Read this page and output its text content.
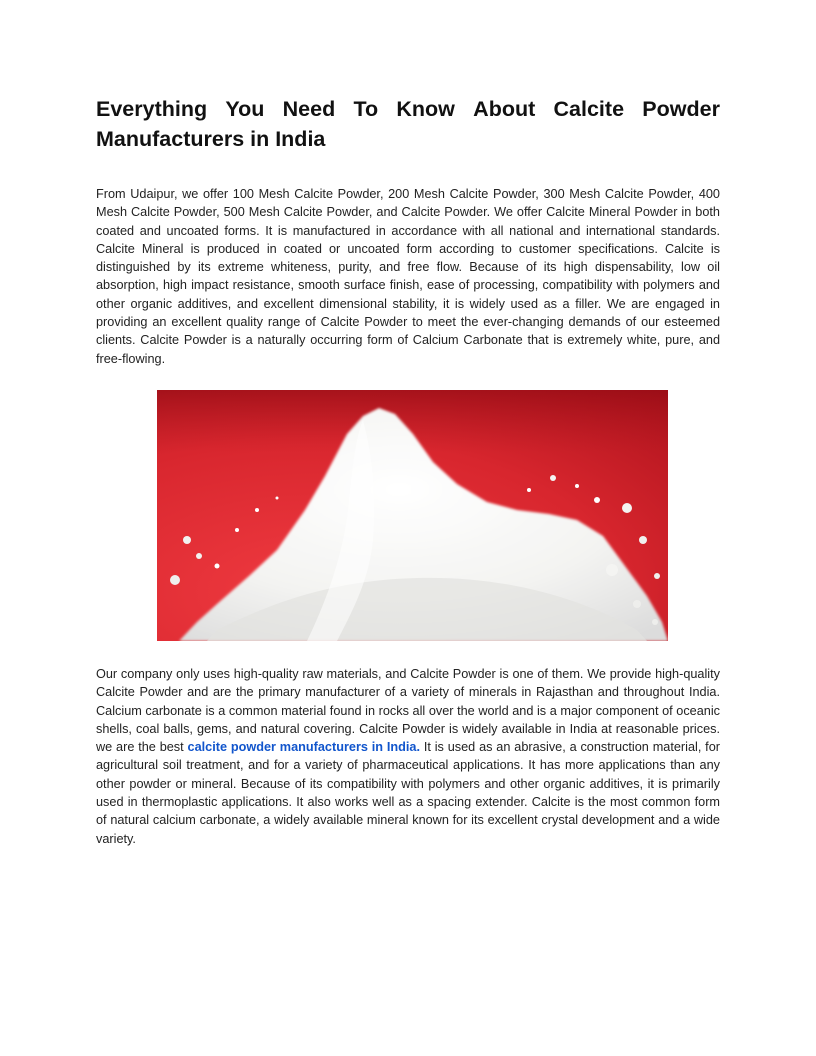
Everything You Need To Know About Calcite Powder
Manufacturers in India

From Udaipur, we offer 100 Mesh Calcite Powder, 200 Mesh Calcite Powder, 300 Mesh Calcite Powder, 400 Mesh Calcite Powder, 500 Mesh Calcite Powder, and Calcite Powder. We offer Calcite Mineral Powder in both coated and uncoated forms. It is manufactured in accordance with all national and international standards. Calcite Mineral is produced in coated or uncoated form according to customer specifications. Calcite is distinguished by its extreme whiteness, purity, and free flow. Because of its high dispensability, low oil absorption, high impact resistance, smooth surface finish, ease of processing, compatibility with polymers and other organic additives, and excellent dimensional stability, it is widely used as a filler. We are engaged in providing an excellent quality range of Calcite Powder to meet the ever-changing demands of our esteemed clients. Calcite Powder is a naturally occurring form of Calcium Carbonate that is extremely white, pure, and free-flowing.

Our company only uses high-quality raw materials, and Calcite Powder is one of them. We provide high-quality Calcite Powder and are the primary manufacturer of a variety of minerals in Rajasthan and throughout India. Calcium carbonate is a common material found in rocks all over the world and is a major component of oceanic shells, coal balls, gems, and natural covering. Calcite Powder is widely available in India at reasonable prices. we are the best calcite powder manufacturers in India. It is used as an abrasive, a construction material, for agricultural soil treatment, and for a variety of pharmaceutical applications. It has more applications than any other powder or mineral. Because of its compatibility with polymers and other organic additives, it is primarily used in thermoplastic applications. It also works well as a spacing extender. Calcite is the most common form of natural calcium carbonate, a widely available mineral known for its excellent crystal development and a wide variety.
